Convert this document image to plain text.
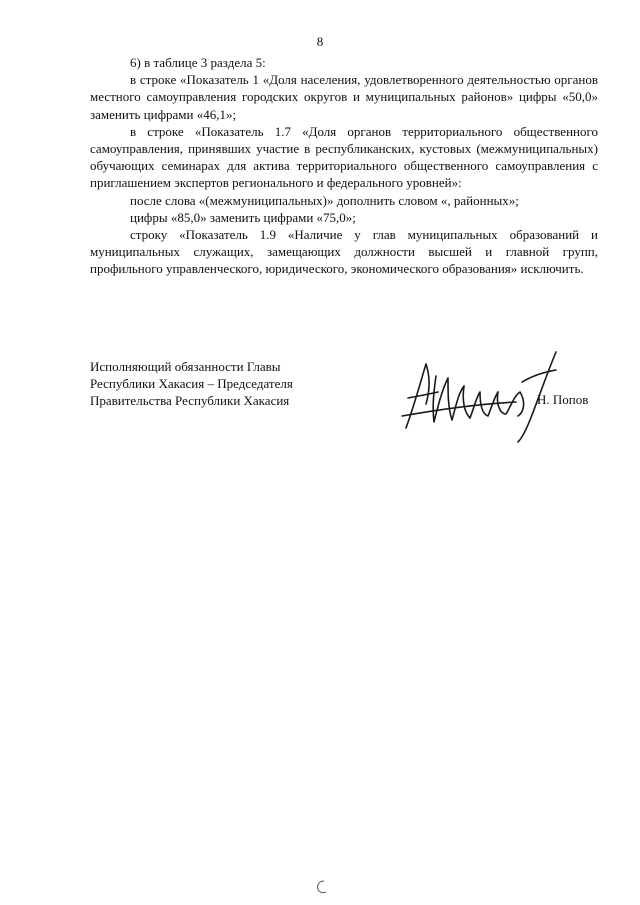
8

6) в таблице 3 раздела 5:

в строке «Показатель 1 «Доля населения, удовлетворенного деятельностью органов местного самоуправления городских округов и муниципальных районов» цифры «50,0» заменить цифрами «46,1»;

в строке «Показатель 1.7 «Доля органов территориального общественного самоуправления, принявших участие в республиканских, кустовых (межмуниципальных) обучающих семинарах для актива территориального общественного самоуправления с приглашением экспертов регионального и федерального уровней»:

после слова «(межмуниципальных)» дополнить словом «, районных»;

цифры «85,0» заменить цифрами «75,0»;

строку «Показатель 1.9 «Наличие у глав муниципальных образований и муниципальных служащих, замещающих должности высшей и главной групп, профильного управленческого, юридического, экономического образования» исключить.

Исполняющий обязанности Главы
Республики Хакасия – Председателя
Правительства Республики Хакасия	Н. Попов
